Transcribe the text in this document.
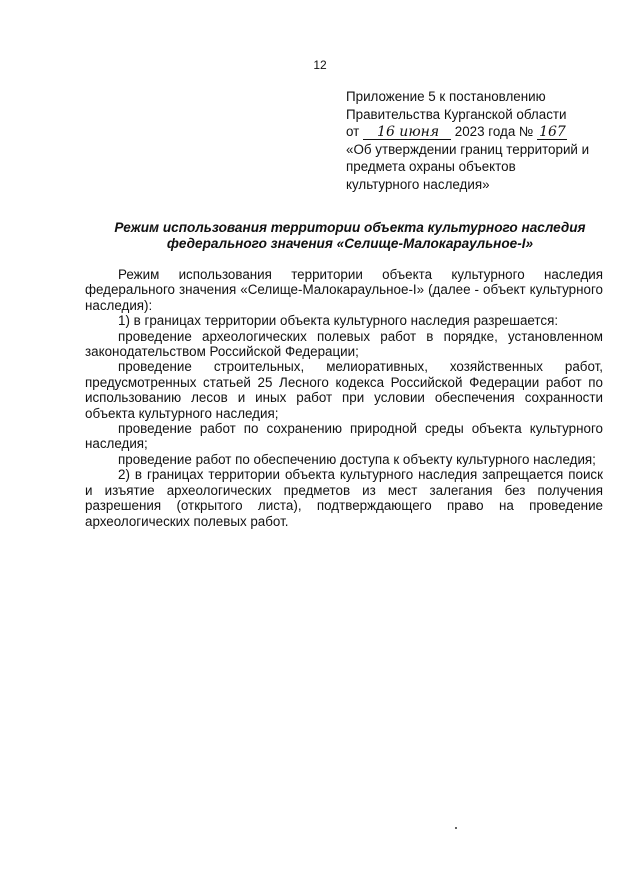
12
Приложение 5 к постановлению
Правительства Курганской области
от 16 июня 2023 года № 167
«Об утверждении границ территорий и
предмета охраны объектов
культурного наследия»
Режим использования территории объекта культурного наследия
федерального значения «Селище-Малокараульное-I»

Режим использования территории объекта культурного наследия федерального значения «Селище-Малокараульное-I» (далее - объект культурного наследия):

1) в границах территории объекта культурного наследия разрешается:

проведение археологических полевых работ в порядке, установленном законодательством Российской Федерации;

проведение строительных, мелиоративных, хозяйственных работ, предусмотренных статьей 25 Лесного кодекса Российской Федерации работ по использованию лесов и иных работ при условии обеспечения сохранности объекта культурного наследия;

проведение работ по сохранению природной среды объекта культурного наследия;

проведение работ по обеспечению доступа к объекту культурного наследия;

2) в границах территории объекта культурного наследия запрещается поиск и изъятие археологических предметов из мест залегания без получения разрешения (открытого листа), подтверждающего право на проведение археологических полевых работ.
